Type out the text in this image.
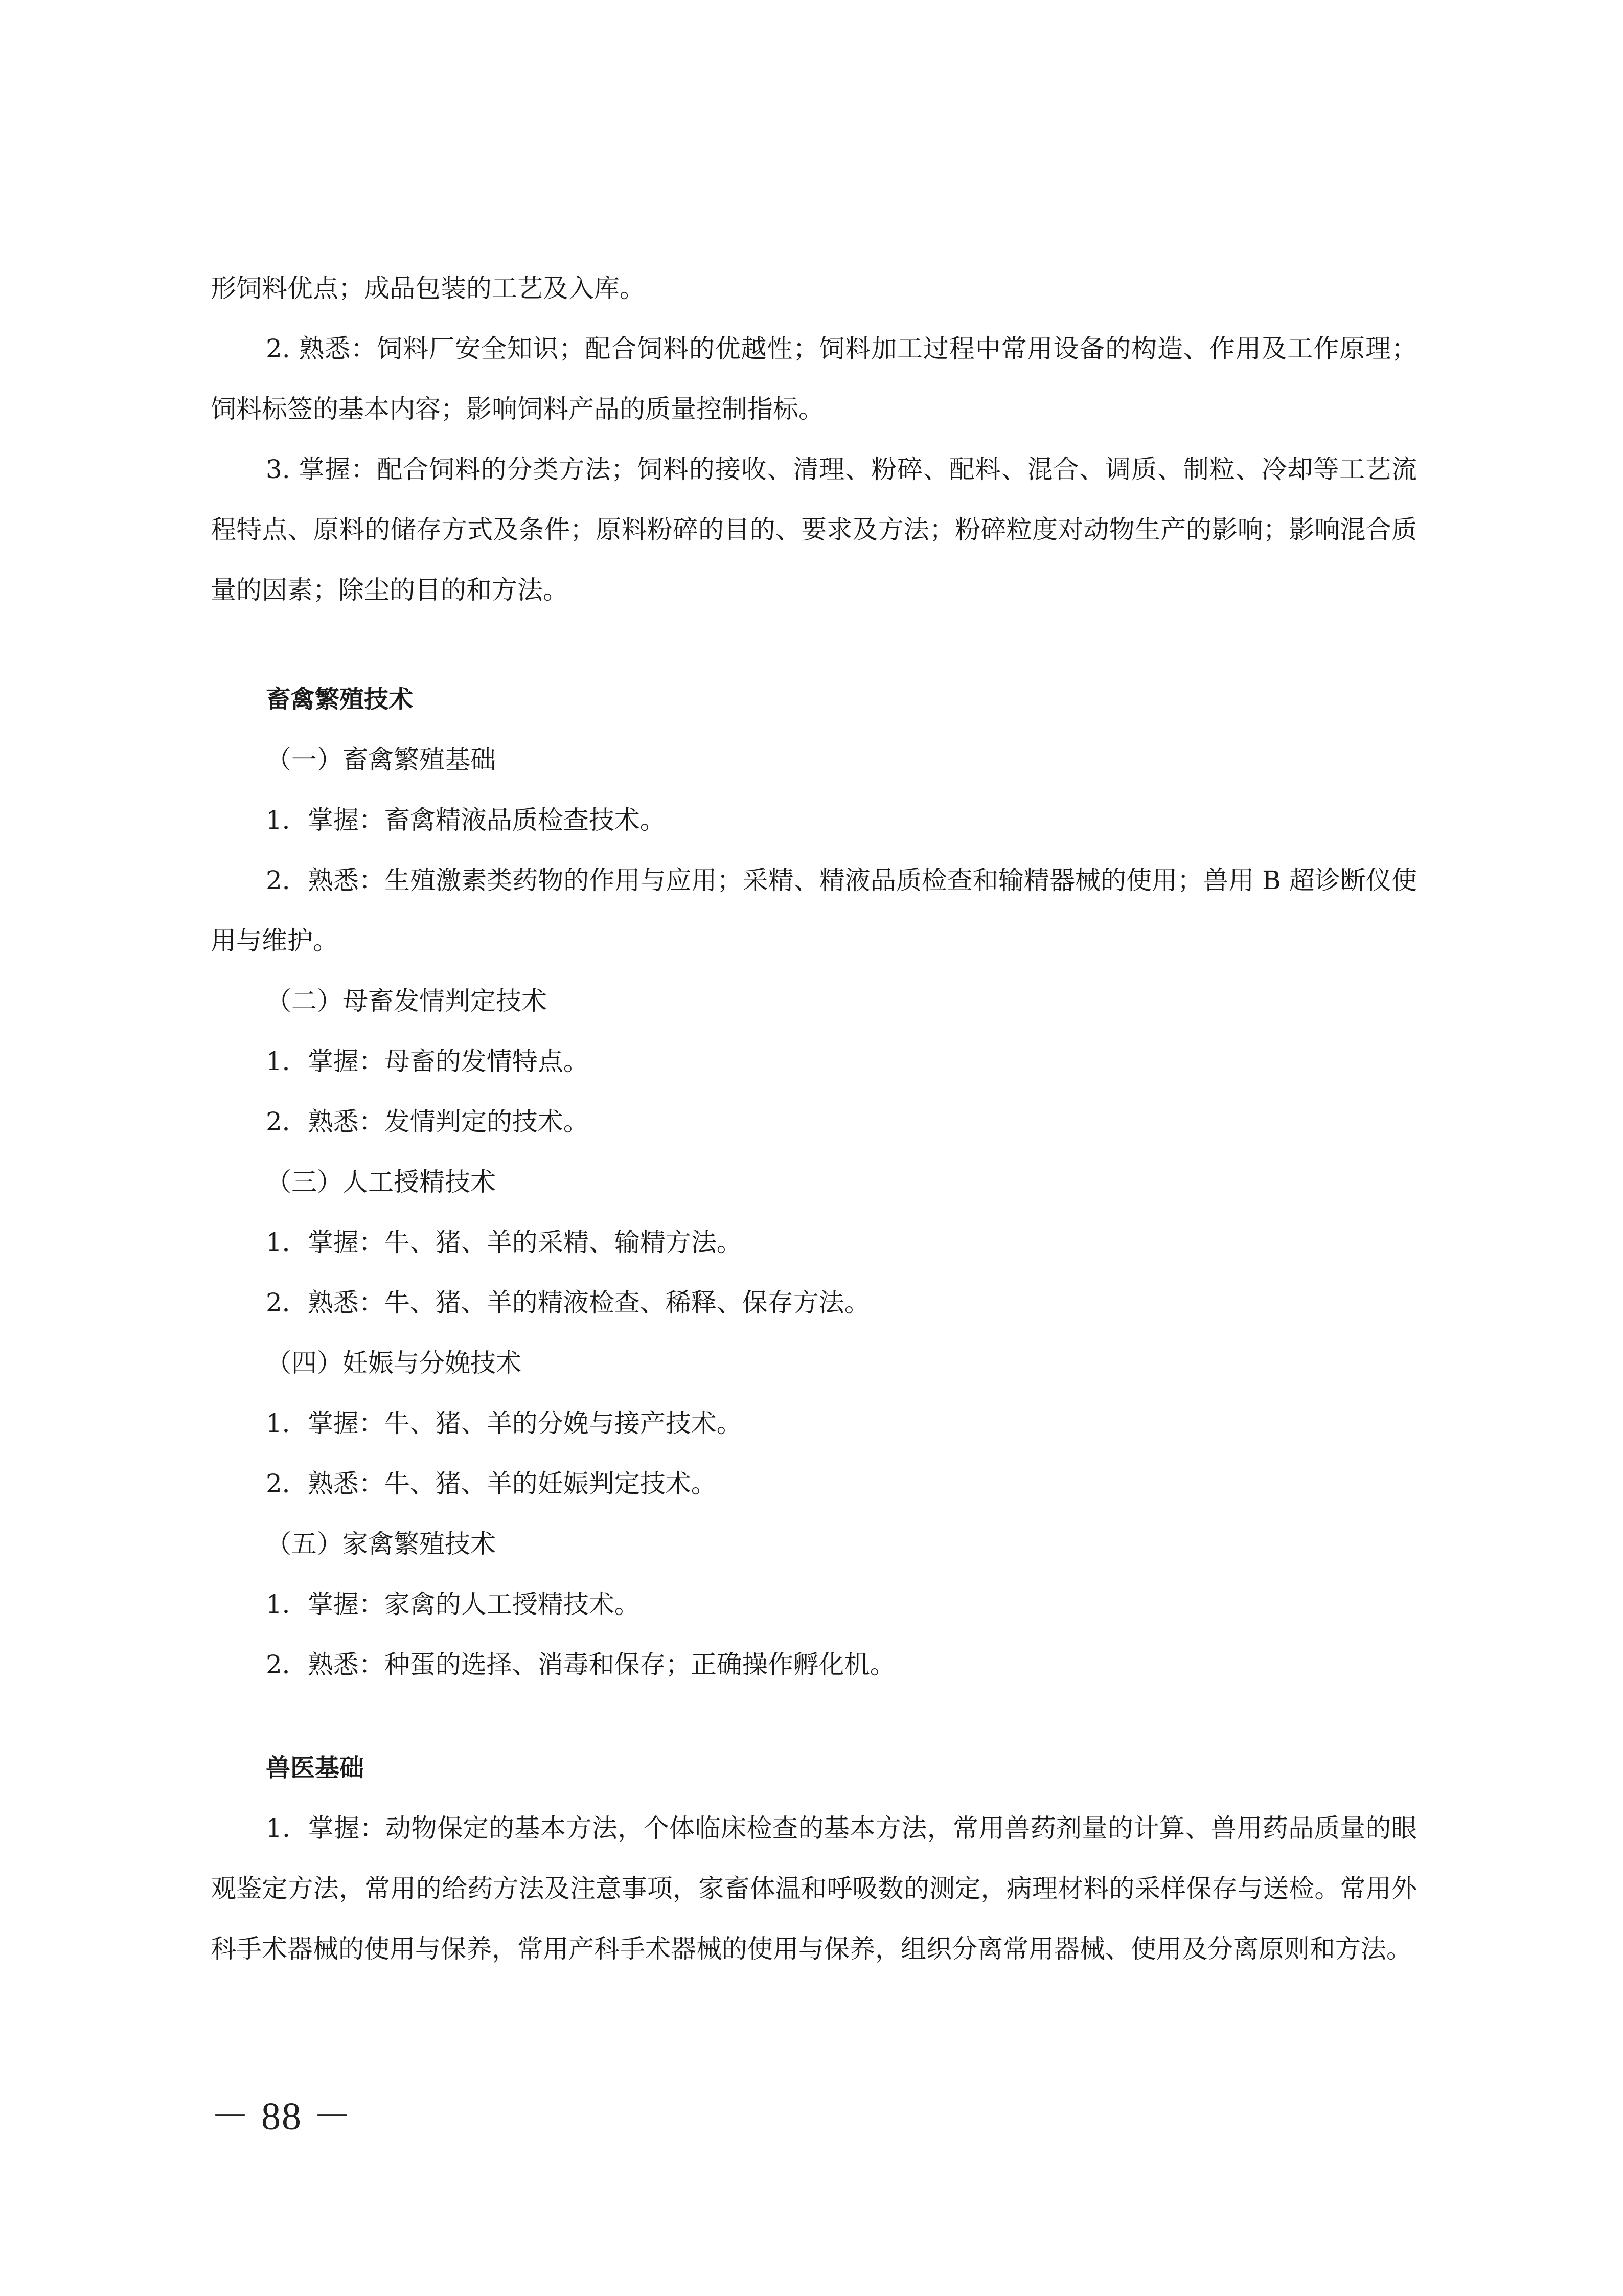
形饲料优点；成品包装的工艺及入库。

2. 熟悉：饲料厂安全知识；配合饲料的优越性；饲料加工过程中常用设备的构造、作用及工作原理；饲料标签的基本内容；影响饲料产品的质量控制指标。

3. 掌握：配合饲料的分类方法；饲料的接收、清理、粉碎、配料、混合、调质、制粒、冷却等工艺流程特点、原料的储存方式及条件；原料粉碎的目的、要求及方法；粉碎粒度对动物生产的影响；影响混合质量的因素；除尘的目的和方法。

畜禽繁殖技术

（一）畜禽繁殖基础

1．掌握：畜禽精液品质检查技术。

2．熟悉：生殖激素类药物的作用与应用；采精、精液品质检查和输精器械的使用；兽用 B 超诊断仪使用与维护。

（二）母畜发情判定技术

1．掌握：母畜的发情特点。

2．熟悉：发情判定的技术。

（三）人工授精技术

1．掌握：牛、猪、羊的采精、输精方法。

2．熟悉：牛、猪、羊的精液检查、稀释、保存方法。

（四）妊娠与分娩技术

1．掌握：牛、猪、羊的分娩与接产技术。

2．熟悉：牛、猪、羊的妊娠判定技术。

（五）家禽繁殖技术

1．掌握：家禽的人工授精技术。

2．熟悉：种蛋的选择、消毒和保存；正确操作孵化机。

兽医基础

1．掌握：动物保定的基本方法，个体临床检查的基本方法，常用兽药剂量的计算、兽用药品质量的眼观鉴定方法，常用的给药方法及注意事项，家畜体温和呼吸数的测定，病理材料的采样保存与送检。常用外科手术器械的使用与保养，常用产科手术器械的使用与保养，组织分离常用器械、使用及分离原则和方法。

－ 88 －
